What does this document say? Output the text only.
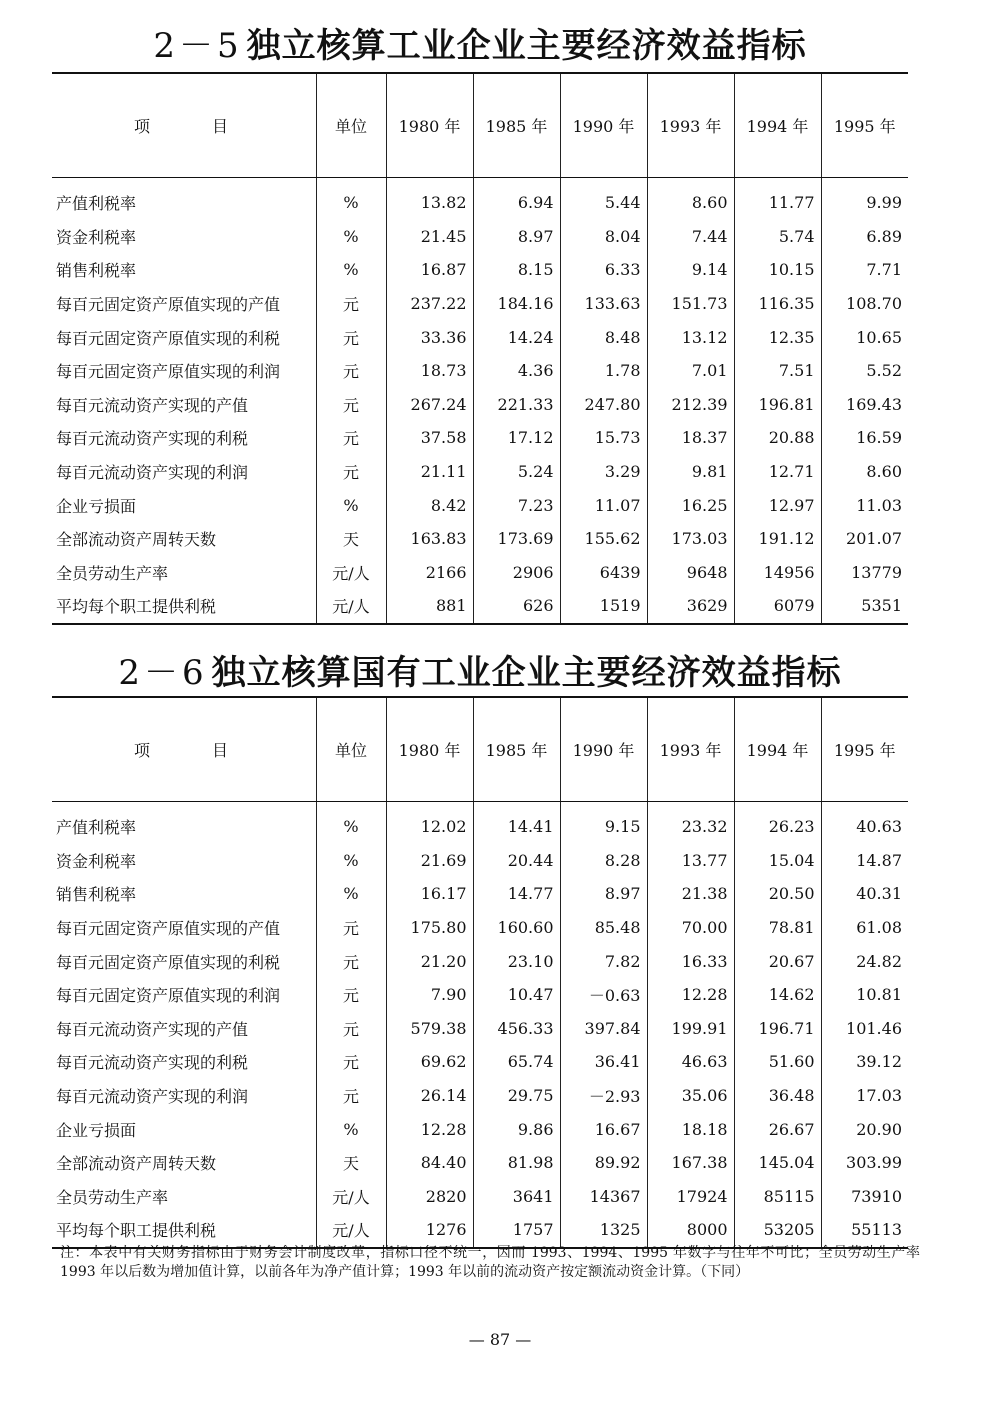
2－5 独立核算工业企业主要经济效益指标
项 目	单位	1980 年	1985 年	1990 年	1993 年	1994 年	1995 年
产值利税率	%	13.82	6.94	5.44	8.60	11.77	9.99
资金利税率	%	21.45	8.97	8.04	7.44	5.74	6.89
销售利税率	%	16.87	8.15	6.33	9.14	10.15	7.71
每百元固定资产原值实现的产值	元	237.22	184.16	133.63	151.73	116.35	108.70
每百元固定资产原值实现的利税	元	33.36	14.24	8.48	13.12	12.35	10.65
每百元固定资产原值实现的利润	元	18.73	4.36	1.78	7.01	7.51	5.52
每百元流动资产实现的产值	元	267.24	221.33	247.80	212.39	196.81	169.43
每百元流动资产实现的利税	元	37.58	17.12	15.73	18.37	20.88	16.59
每百元流动资产实现的利润	元	21.11	5.24	3.29	9.81	12.71	8.60
企业亏损面	%	8.42	7.23	11.07	16.25	12.97	11.03
全部流动资产周转天数	天	163.83	173.69	155.62	173.03	191.12	201.07
全员劳动生产率	元/人	2166	2906	6439	9648	14956	13779
平均每个职工提供利税	元/人	881	626	1519	3629	6079	5351
2－6 独立核算国有工业企业主要经济效益指标
项 目	单位	1980 年	1985 年	1990 年	1993 年	1994 年	1995 年
产值利税率	%	12.02	14.41	9.15	23.32	26.23	40.63
资金利税率	%	21.69	20.44	8.28	13.77	15.04	14.87
销售利税率	%	16.17	14.77	8.97	21.38	20.50	40.31
每百元固定资产原值实现的产值	元	175.80	160.60	85.48	70.00	78.81	61.08
每百元固定资产原值实现的利税	元	21.20	23.10	7.82	16.33	20.67	24.82
每百元固定资产原值实现的利润	元	7.90	10.47	－0.63	12.28	14.62	10.81
每百元流动资产实现的产值	元	579.38	456.33	397.84	199.91	196.71	101.46
每百元流动资产实现的利税	元	69.62	65.74	36.41	46.63	51.60	39.12
每百元流动资产实现的利润	元	26.14	29.75	－2.93	35.06	36.48	17.03
企业亏损面	%	12.28	9.86	16.67	18.18	26.67	20.90
全部流动资产周转天数	天	84.40	81.98	89.92	167.38	145.04	303.99
全员劳动生产率	元/人	2820	3641	14367	17924	85115	73910
平均每个职工提供利税	元/人	1276	1757	1325	8000	53205	55113
注：本表中有关财务指标由于财务会计制度改革，指标口径不统一，因而 1993、1994、1995 年数字与往年不可比；全员劳动生产率 1993 年以后数为增加值计算，以前各年为净产值计算；1993 年以前的流动资产按定额流动资金计算。（下同）
— 87 —
